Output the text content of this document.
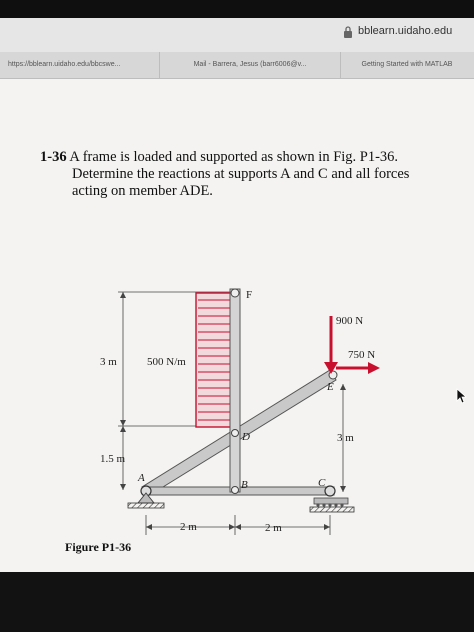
bblearn.uidaho.edu
https://bblearn.uidaho.edu/bbcswe...	Mail - Barrera, Jesus (barr6006@v...	Getting Started with MATLAB
1-36 A frame is loaded and supported as shown in Fig. P1-36.
Determine the reactions at supports A and C and all forces
acting on member ADE.
F
E
D
B
A	C
900 N
750 N
500 N/m
3 m
1.5 m
3 m
2 m	2 m
Figure P1-36
